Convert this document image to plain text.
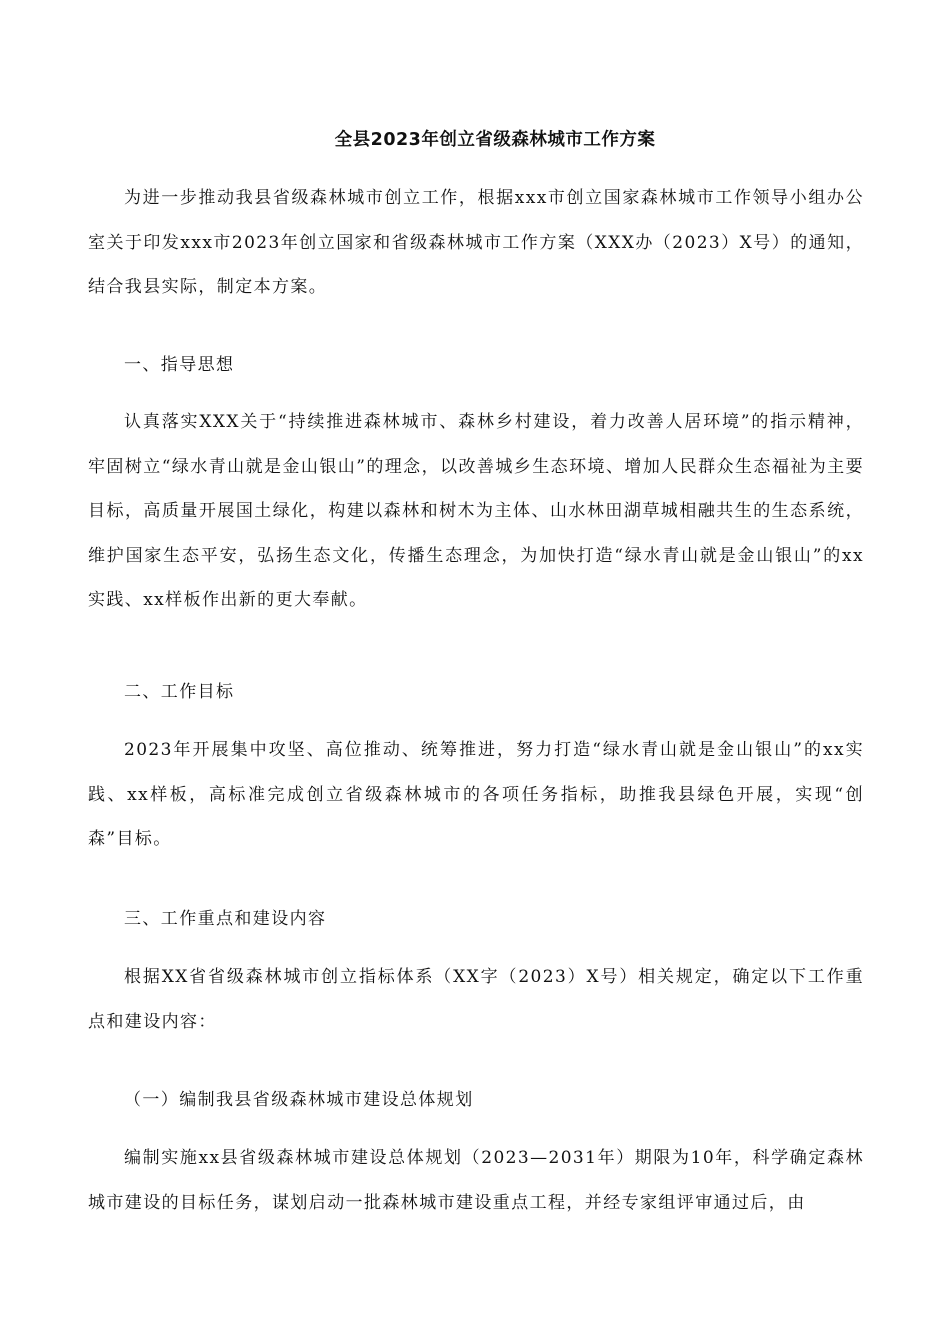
全县2023年创立省级森林城市工作方案
为进一步推动我县省级森林城市创立工作，根据xxx市创立国家森林城市工作领导小组办公室关于印发xxx市2023年创立国家和省级森林城市工作方案（XXX办（2023）X号）的通知，结合我县实际，制定本方案。
一、指导思想
认真落实XXX关于“持续推进森林城市、森林乡村建设，着力改善人居环境”的指示精神，牢固树立“绿水青山就是金山银山”的理念，以改善城乡生态环境、增加人民群众生态福祉为主要目标，高质量开展国土绿化，构建以森林和树木为主体、山水林田湖草城相融共生的生态系统，维护国家生态平安，弘扬生态文化，传播生态理念，为加快打造“绿水青山就是金山银山”的xx实践、xx样板作出新的更大奉献。
二、工作目标
2023年开展集中攻坚、高位推动、统筹推进，努力打造“绿水青山就是金山银山”的xx实践、xx样板，高标准完成创立省级森林城市的各项任务指标，助推我县绿色开展，实现“创森”目标。
三、工作重点和建设内容
根据XX省省级森林城市创立指标体系（XX字（2023）X号）相关规定，确定以下工作重点和建设内容：
（一）编制我县省级森林城市建设总体规划
编制实施xx县省级森林城市建设总体规划（2023—2031年）期限为10年，科学确定森林城市建设的目标任务，谋划启动一批森林城市建设重点工程，并经专家组评审通过后，由
